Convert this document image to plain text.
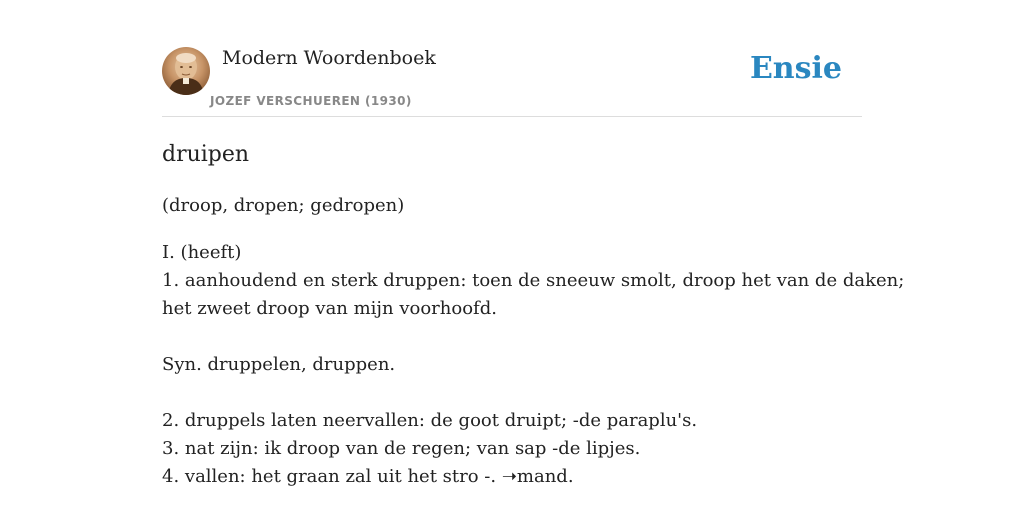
Modern Woordenboek
JOZEF VERSCHUEREN (1930)
Ensie
druipen

(droop, dropen; gedropen)

I. (heeft)
1. aanhoudend en sterk druppen: toen de sneeuw smolt, droop het van de daken;
het zweet droop van mijn voorhoofd.
Syn. druppelen, druppen.
2. druppels laten neervallen: de goot druipt; -de paraplu's.
3. nat zijn: ik droop van de regen; van sap -de lipjes.
4. vallen: het graan zal uit het stro -. ➝mand.
